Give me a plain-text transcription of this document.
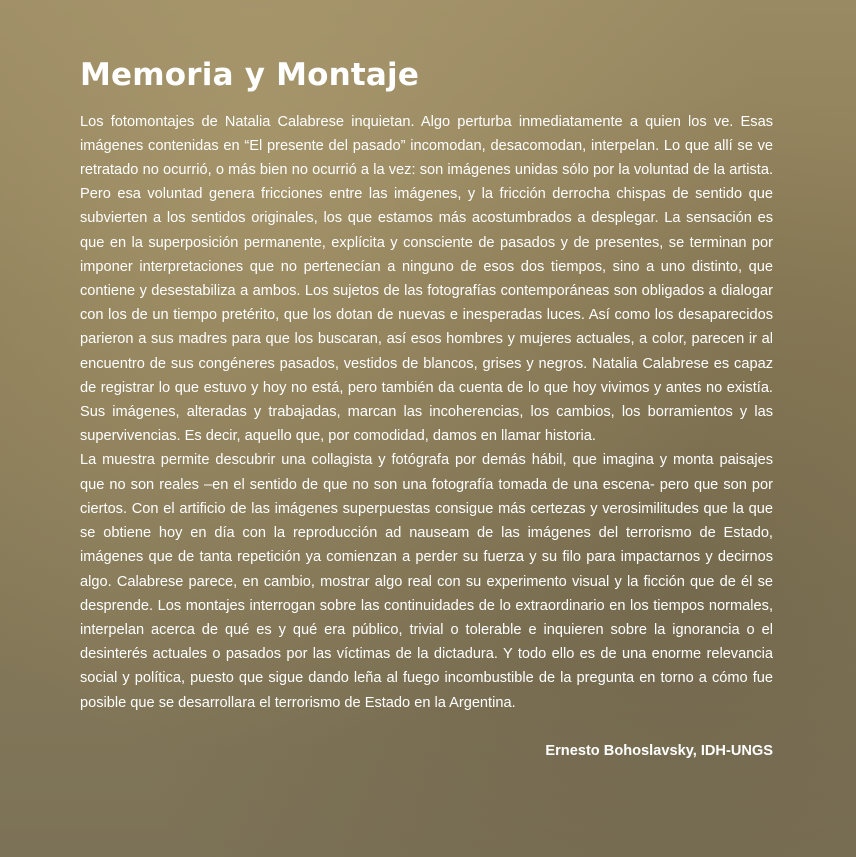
Memoria y Montaje

Los fotomontajes de Natalia Calabrese inquietan. Algo perturba inmediatamente a quien los ve. Esas imágenes contenidas en “El presente del pasado” incomodan, desacomodan, interpelan. Lo que allí se ve retratado no ocurrió, o más bien no ocurrió a la vez: son imágenes unidas sólo por la voluntad de la artista. Pero esa voluntad genera fricciones entre las imágenes, y la fricción derrocha chispas de sentido que subvierten a los sentidos originales, los que estamos más acostumbrados a desplegar. La sensación es que en la superposición permanente, explícita y consciente de pasados y de presentes, se terminan por imponer interpretaciones que no pertenecían a ninguno de esos dos tiempos, sino a uno distinto, que contiene y desestabiliza a ambos. Los sujetos de las fotografías contemporáneas son obligados a dialogar con los de un tiempo pretérito, que los dotan de nuevas e inesperadas luces. Así como los desaparecidos parieron a sus madres para que los buscaran, así esos hombres y mujeres actuales, a color, parecen ir al encuentro de sus congéneres pasados, vestidos de blancos, grises y negros. Natalia Calabrese es capaz de registrar lo que estuvo y hoy no está, pero también da cuenta de lo que hoy vivimos y antes no existía. Sus imágenes, alteradas y trabajadas, marcan las incoherencias, los cambios, los borramientos y las supervivencias. Es decir, aquello que, por comodidad, damos en llamar historia.

La muestra permite descubrir una collagista y fotógrafa por demás hábil, que imagina y monta paisajes que no son reales –en el sentido de que no son una fotografía tomada de una escena- pero que son por ciertos. Con el artificio de las imágenes superpuestas consigue más certezas y verosimilitudes que la que se obtiene hoy en día con la reproducción ad nauseam de las imágenes del terrorismo de Estado, imágenes que de tanta repetición ya comienzan a perder su fuerza y su filo para impactarnos y decirnos algo. Calabrese parece, en cambio, mostrar algo real con su experimento visual y la ficción que de él se desprende. Los montajes interrogan sobre las continuidades de lo extraordinario en los tiempos normales, interpelan acerca de qué es y qué era público, trivial o tolerable e inquieren sobre la ignorancia o el desinterés actuales o pasados por las víctimas de la dictadura. Y todo ello es de una enorme relevancia social y política, puesto que sigue dando leña al fuego incombustible de la pregunta en torno a cómo fue posible que se desarrollara el terrorismo de Estado en la Argentina.

Ernesto Bohoslavsky, IDH-UNGS
